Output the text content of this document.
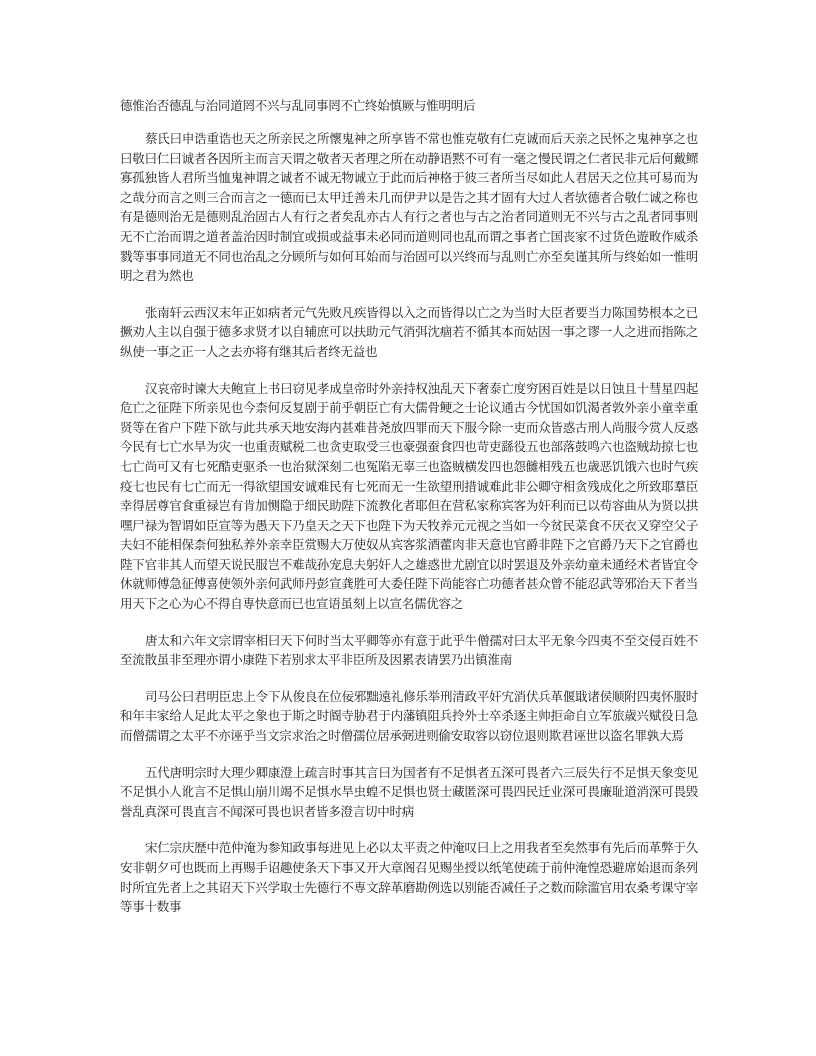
德惟治否德乱与治同道罔不兴与乱同事罔不亡终始慎厥与惟明明后

蔡氏曰申诰重诰也天之所亲民之所懷鬼神之所享皆不常也惟克敬有仁克诚而后天亲之民怀之鬼神享之也曰敬曰仁曰诚者各因所主而言天谓之敬者天者理之所在动静语黙不可有一毫之慢民谓之仁者民非元后何戴鳏寡孤独皆人君所当恤鬼神谓之诚者不诚无物诚立于此而后神格于彼三者所当尽如此人君居天之位其可易而为之哉分而言之则三合而言之一德而已太甲迁善未几而伊尹以是告之其才固有大过人者欤德者合敬仁诚之称也有是德则治无是德则乱治固古人有行之者矣乱亦古人有行之者也与古之治者同道则无不兴与古之乱者同事则无不亡治而谓之道者盖治因时制宜或损或益事未必同而道则同也乱而谓之事者亡国丧家不过货色遊畋作威杀戮等事事同道无不同也治乱之分顾所与如何耳始而与治固可以兴终而与乱则亡亦至矣谨其所与终始如一惟明明之君为然也

张南轩云西汉末年正如病者元气先败凡疾皆得以入之而皆得以亡之为当时大臣者要当力陈国势根本之已撅劝人主以自强于德多求贤才以自辅庶可以扶助元气消弭沈痼若不循其本而姑因一事之谬一人之进而指陈之纵使一事之正一人之去亦将有继其后者终无益也

汉哀帝时谏大夫鲍宣上书曰窃见孝成皇帝时外亲持权浊乱天下奢泰亡度穷困百姓是以日蚀且十彗星四起危亡之征陛下所亲见也今柰何反复剧于前乎朝臣亡有大儒骨鲠之士论议通古今忧国如饥渴者敦外亲小童幸重贤等在省户下陛下欲与此共承天地安海内甚难昔尧放四罪而天下服今除一吏而众皆惑古刑人尚服今赏人反惑今民有七亡水旱为灾一也重责赋税二也贪吏取受三也豪强蚕食四也苛吏繇役五也部落鼓鸣六也盗贼劫掠七也七亡尚可又有七死酷吏驱杀一也治狱深刻二也冤陷无辜三也盗贼横发四也怨雠相残五也歳恶饥饿六也时气疾疫七也民有七亡而无一得欲望国安诚难民有七死而无一生欲望刑措诚难此非公卿守相贪残成化之所致耶羣臣幸得居尊官食重禄岂有肯加恻隐于细民助陛下流教化者耶但在营私家称宾客为奸利而已以苟容曲从为贤以拱嘿尸禄为智谓如臣宣等为愚天下乃皇天之天下也陛下为天牧养元元视之当如一今贫民菜食不厌衣又穿空父子夫妇不能相保柰何独私养外亲幸臣赏赐大万使奴从宾客浆酒藿肉非天意也官爵非陛下之官爵乃天下之官爵也陛下官非其人而望天说民服岂不难哉孙宠息夫躬奸人之雄惑世尤剧宜以时罢退及外亲幼童未通经术者皆宜令休就师傅急征傅喜使领外亲何武师丹彭宣龚胜可大委任陛下尚能容亡功德者甚众曾不能忍武等邪治天下者当用天下之心为心不得自専快意而已也宣语虽刻上以宣名儒优容之

唐太和六年文宗谓宰相曰天下何时当太平卿等亦有意于此乎牛僧孺对曰太平无象今四夷不至交侵百姓不至流散虽非至理亦谓小康陛下若别求太平非臣所及因累表请罢乃出镇淮南

司马公曰君明臣忠上令下从俊良在位佞邪黜遠礼修乐举刑清政平奸宄消伏兵革偃戢诸侯顺附四夷怀服时和年丰家给人足此太平之象也于斯之时阍寺胁君于内藩镇阻兵拎外士卒杀逐主帅拒命自立军旅歳兴赋役日急而僧孺谓之太平不亦诬乎当文宗求治之时僧孺位居承弼进则偷安取容以窃位退则欺君诬世以盗名罪孰大焉

五代唐明宗时大理少卿康澄上疏言时事其言曰为国者有不足惧者五深可畏者六三辰失行不足惧天象变见不足惧小人讹言不足惧山崩川竭不足惧水旱虫蝗不足惧也贤士藏匿深可畏四民迁业深可畏廉耻道消深可畏毁誉乱真深可畏直言不闻深可畏也识者皆多澄言切中时病

宋仁宗庆歴中范仲淹为参知政事每进见上必以太平责之仲淹叹曰上之用我者至矣然事有先后而革弊于久安非朝夕可也既而上再赐手诏趣使条天下事又开大章阁召见赐坐授以纸笔使疏于前仲淹惶恐避席始退而条列时所宜先者上之其诏天下兴学取士先德行不専文辞革磨勘例选以别能否减任子之数而除滥官用农桑考课守宰等事十数事
